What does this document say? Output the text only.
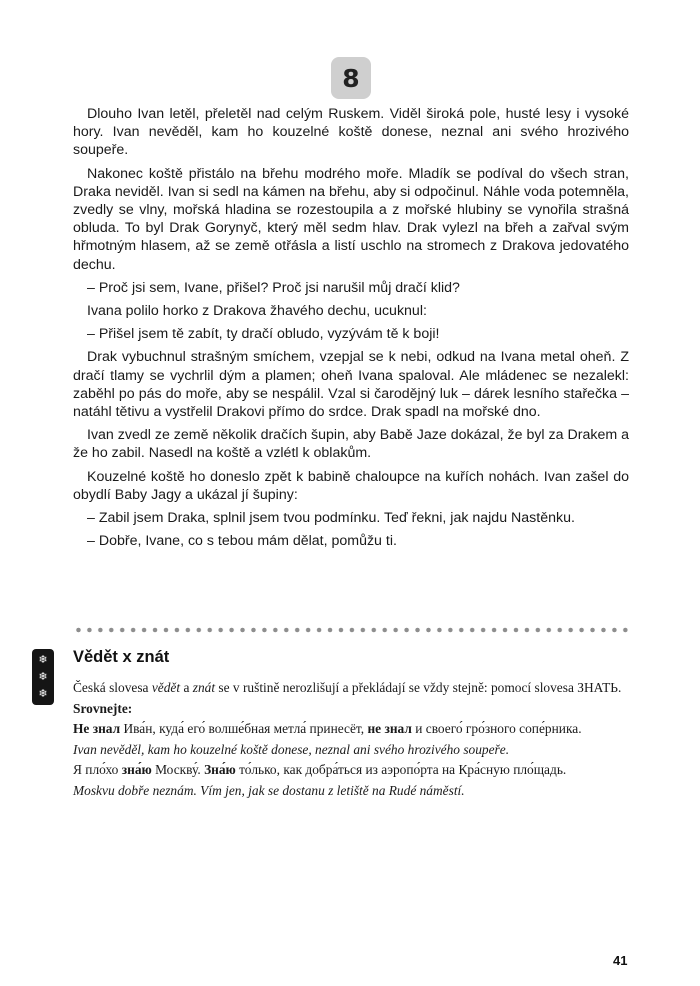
8

Dlouho Ivan letěl, přeletěl nad celým Ruskem. Viděl široká pole, husté lesy i vysoké hory. Ivan nevěděl, kam ho kouzelné koště donese, neznal ani svého hrozivého soupeře.

Nakonec koště přistálo na břehu modrého moře. Mladík se podíval do všech stran, Draka neviděl. Ivan si sedl na kámen na břehu, aby si odpočinul. Náhle voda potemněla, zvedly se vlny, mořská hladina se rozestoupila a z mořské hlubiny se vynořila strašná obluda. To byl Drak Gorynyč, který měl sedm hlav. Drak vylezl na břeh a zařval svým hřmotným hlasem, až se země otřásla a listí uschlo na stromech z Drakova jedovatého dechu.

– Proč jsi sem, Ivane, přišel? Proč jsi narušil můj dračí klid?

Ivana polilo horko z Drakova žhavého dechu, ucuknul:

– Přišel jsem tě zabít, ty dračí obludo, vyzývám tě k boji!

Drak vybuchnul strašným smíchem, vzepjal se k nebi, odkud na Ivana metal oheň. Z dračí tlamy se vychrlil dým a plamen; oheň Ivana spaloval. Ale mládenec se nezalekl: zaběhl po pás do moře, aby se nespálil. Vzal si čarodějný luk – dárek lesního stařečka – natáhl tětivu a vystřelil Drakovi přímo do srdce. Drak spadl na mořské dno.

Ivan zvedl ze země několik dračích šupin, aby Babě Jaze dokázal, že byl za Drakem a že ho zabil. Nasedl na koště a vzlétl k oblakům.

Kouzelné koště ho doneslo zpět k babině chaloupce na kuřích nohách. Ivan zašel do obydlí Baby Jagy a ukázal jí šupiny:

– Zabil jsem Draka, splnil jsem tvou podmínku. Teď řekni, jak najdu Nastěnku.

– Dobře, Ivane, co s tebou mám dělat, pomůžu ti.

❄
❄
❄
Vědět x znát
Česká slovesa vědět a znát se v ruštině nerozlišují a překládají se vždy stejně: pomocí slovesa ЗНАТЬ.
Srovnejte:
Не знал Ива́н, куда́ его́ волше́бная метла́ принесёт, не знал и своего́ гро́зного сопе́рника.
Ivan nevěděl, kam ho kouzelné koště donese, neznal ani svého hrozivého soupeře.
Я пло́хо зна́ю Москву́. Зна́ю то́лько, как добра́ться из аэропо́рта на Кра́сную пло́щадь.
Moskvu dobře neznám. Vím jen, jak se dostanu z letiště na Rudé náměstí.
41
